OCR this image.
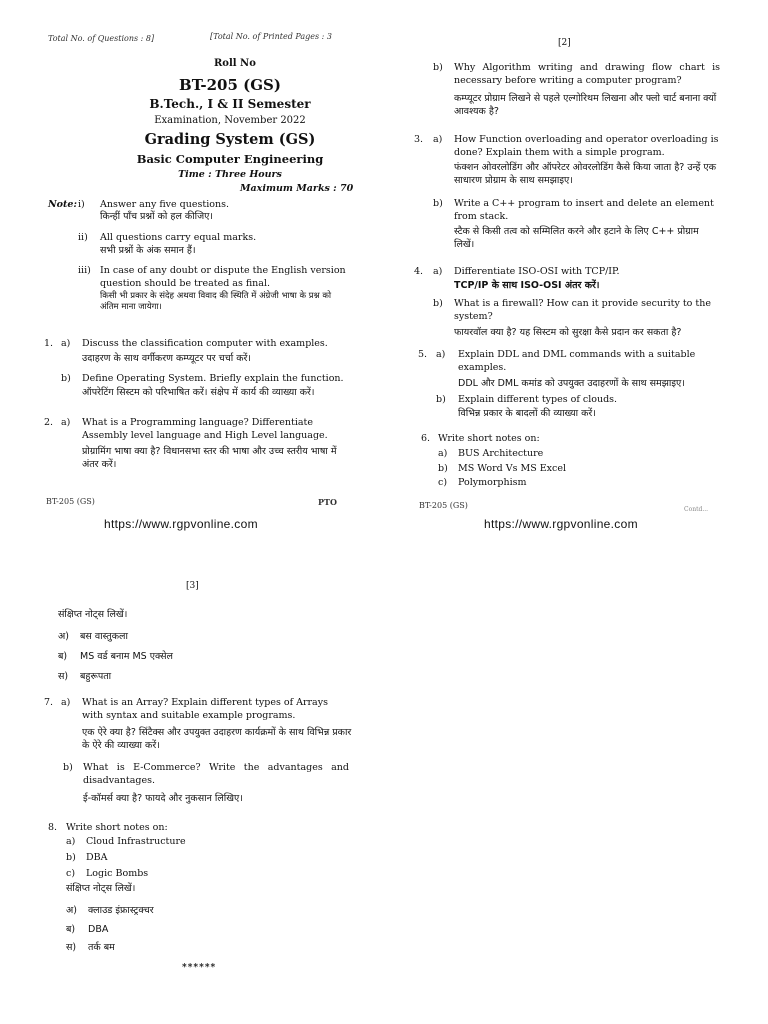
Total No. of Questions : 8]	[Total No. of Printed Pages : 3
Roll No
BT-205 (GS)
B.Tech., I & II Semester
Examination, November 2022
Grading System (GS)
Basic Computer Engineering
Time : Three Hours
Maximum Marks : 70
Note: i) Answer any five questions.
किन्हीं पाँच प्रश्नों को हल कीजिए।
ii) All questions carry equal marks.
सभी प्रश्नों के अंक समान हैं।
iii) In case of any doubt or dispute the English version question should be treated as final.
किसी भी प्रकार के संदेह अथवा विवाद की स्थिति में अंग्रेजी भाषा के प्रश्न को अंतिम माना जायेगा।
1. a) Discuss the classification computer with examples.
उदाहरण के साथ वर्गीकरण कम्प्यूटर पर चर्चा करें।
b) Define Operating System. Briefly explain the function.
ऑपरेटिंग सिस्टम को परिभाषित करें। संक्षेप में कार्य की व्याख्या करें।
2. a) What is a Programming language? Differentiate Assembly level language and High Level language.
प्रोग्रामिंग भाषा क्या है? विधानसभा स्तर की भाषा और उच्च स्तरीय भाषा में अंतर करें।
BT-205 (GS)	PTO
https://www.rgpvonline.com
[2]
b) Why Algorithm writing and drawing flow chart is necessary before writing a computer program?
कम्प्यूटर प्रोग्राम लिखने से पहले एल्गोरिथम लिखना और फ्लो चार्ट बनाना क्यों आवश्यक है?
3. a) How Function overloading and operator overloading is done? Explain them with a simple program.
फंक्शन ओवरलोडिंग और ऑपरेटर ओवरलोडिंग कैसे किया जाता है? उन्हें एक साधारण प्रोग्राम के साथ समझाइए।
b) Write a C++ program to insert and delete an element from stack.
स्टैक से किसी तत्व को सम्मिलित करने और हटाने के लिए C++ प्रोग्राम लिखें।
4. a) Differentiate ISO-OSI with TCP/IP.
TCP/IP के साथ ISO-OSI अंतर करें।
b) What is a firewall? How can it provide security to the system?
फायरवॉल क्या है? यह सिस्टम को सुरक्षा कैसे प्रदान कर सकता है?
5. a) Explain DDL and DML commands with a suitable examples.
DDL और DML कमांड को उपयुक्त उदाहरणों के साथ समझाइए।
b) Explain different types of clouds.
विभिन्न प्रकार के बादलों की व्याख्या करें।
6. Write short notes on:
a) BUS Architecture
b) MS Word Vs MS Excel
c) Polymorphism
BT-205 (GS)	Contd...
https://www.rgpvonline.com
[3]
संक्षिप्त नोट्स लिखें।
अ) बस वास्तुकला
ब) MS वर्ड बनाम MS एक्सेल
स) बहुरूपता
7. a) What is an Array? Explain different types of Arrays with syntax and suitable example programs.
एक ऐरे क्या है? सिंटैक्स और उपयुक्त उदाहरण कार्यक्रमों के साथ विभिन्न प्रकार के ऐरे की व्याख्या करें।
b) What is E-Commerce? Write the advantages and disadvantages.
ई-कॉमर्स क्या है? फायदे और नुकसान लिखिए।
8. Write short notes on:
a) Cloud Infrastructure
b) DBA
c) Logic Bombs
संक्षिप्त नोट्स लिखें।
अ) क्लाउड इंफ्रास्ट्रक्चर
ब) DBA
स) तर्क बम
******
